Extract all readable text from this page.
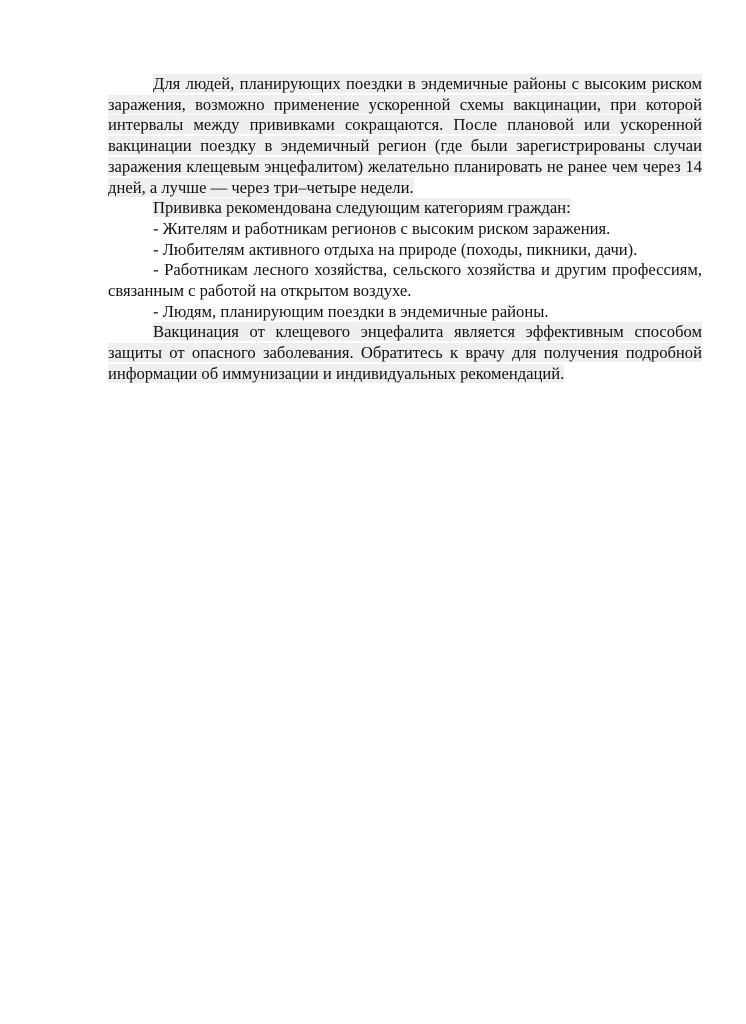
Для людей, планирующих поездки в эндемичные районы с высоким риском заражения, возможно применение ускоренной схемы вакцинации, при которой интервалы между прививками сокращаются. После плановой или ускоренной вакцинации поездку в эндемичный регион (где были зарегистрированы случаи заражения клещевым энцефалитом) желательно планировать не ранее чем через 14 дней, а лучше — через три–четыре недели.

Прививка рекомендована следующим категориям граждан:

- Жителям и работникам регионов с высоким риском заражения.

- Любителям активного отдыха на природе (походы, пикники, дачи).

- Работникам лесного хозяйства, сельского хозяйства и другим профессиям, связанным с работой на открытом воздухе.

- Людям, планирующим поездки в эндемичные районы.

Вакцинация от клещевого энцефалита является эффективным способом защиты от опасного заболевания. Обратитесь к врачу для получения подробной информации об иммунизации и индивидуальных рекомендаций.
